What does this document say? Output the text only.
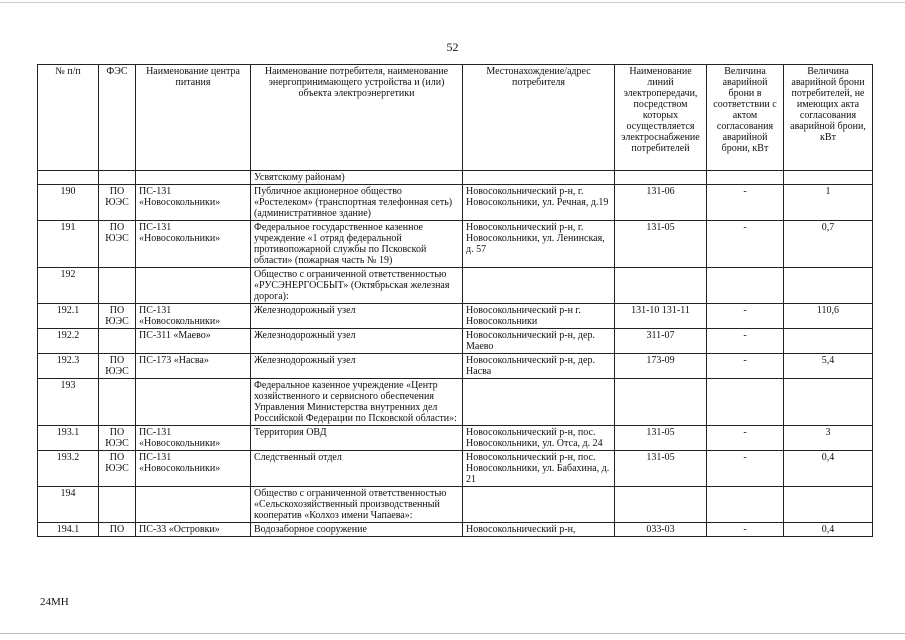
52
№ п/п	ФЭС	Наименование центра питания	Наименование потребителя, наименование энергопринимающего устройства и (или) объекта электроэнергетики	Местонахождение/адрес потребителя	Наименование линий электропередачи, посредством которых осуществляется электроснабжение потребителей	Величина аварийной брони в соответствии с актом согласования аварийной брони, кВт	Величина аварийной брони потребителей, не имеющих акта согласования аварийной брони, кВт
			Усвятскому районам)				
190	ПО ЮЭС	ПС-131 «Новосокольники»	Публичное акционерное общество «Ростелеком» (транспортная телефонная сеть) (административное здание)	Новосокольнический р-н, г. Новосокольники, ул. Речная, д.19	131-06	-	1
191	ПО ЮЭС	ПС-131 «Новосокольники»	Федеральное государственное казенное учреждение «1 отряд федеральной противопожарной службы по Псковской области» (пожарная часть № 19)	Новосокольнический р-н, г. Новосокольники, ул. Ленинская, д. 57	131-05	-	0,7
192			Общество с ограниченной ответственностью «РУСЭНЕРГОСБЫТ» (Октябрьская железная дорога):				
192.1	ПО ЮЭС	ПС-131 «Новосокольники»	Железнодорожный узел	Новосокольнический р-н г. Новосокольники	131-10 131-11	-	110,6
192.2		ПС-311 «Маево»	Железнодорожный узел	Новосокольнический р-н, дер. Маево	311-07	-	
192.3	ПО ЮЭС	ПС-173 «Насва»	Железнодорожный узел	Новосокольнический р-н, дер. Насва	173-09	-	5,4
193			Федеральное казенное учреждение «Центр хозяйственного и сервисного обеспечения Управления Министерства внутренних дел Российской Федерации по Псковской области»:				
193.1	ПО ЮЭС	ПС-131 «Новосокольники»	Территория ОВД	Новосокольнический р-н, пос. Новосокольники, ул. Отса, д. 24	131-05	-	3
193.2	ПО ЮЭС	ПС-131 «Новосокольники»	Следственный отдел	Новосокольнический р-н, пос. Новосокольники, ул. Бабахина, д. 21	131-05	-	0,4
194			Общество с ограниченной ответственностью «Сельскохозяйственный производственный кооператив «Колхоз имени Чапаева»:				
194.1	ПО	ПС-33 «Островки»	Водозаборное сооружение	Новосокольнический р-н,	033-03	-	0,4
24МН
